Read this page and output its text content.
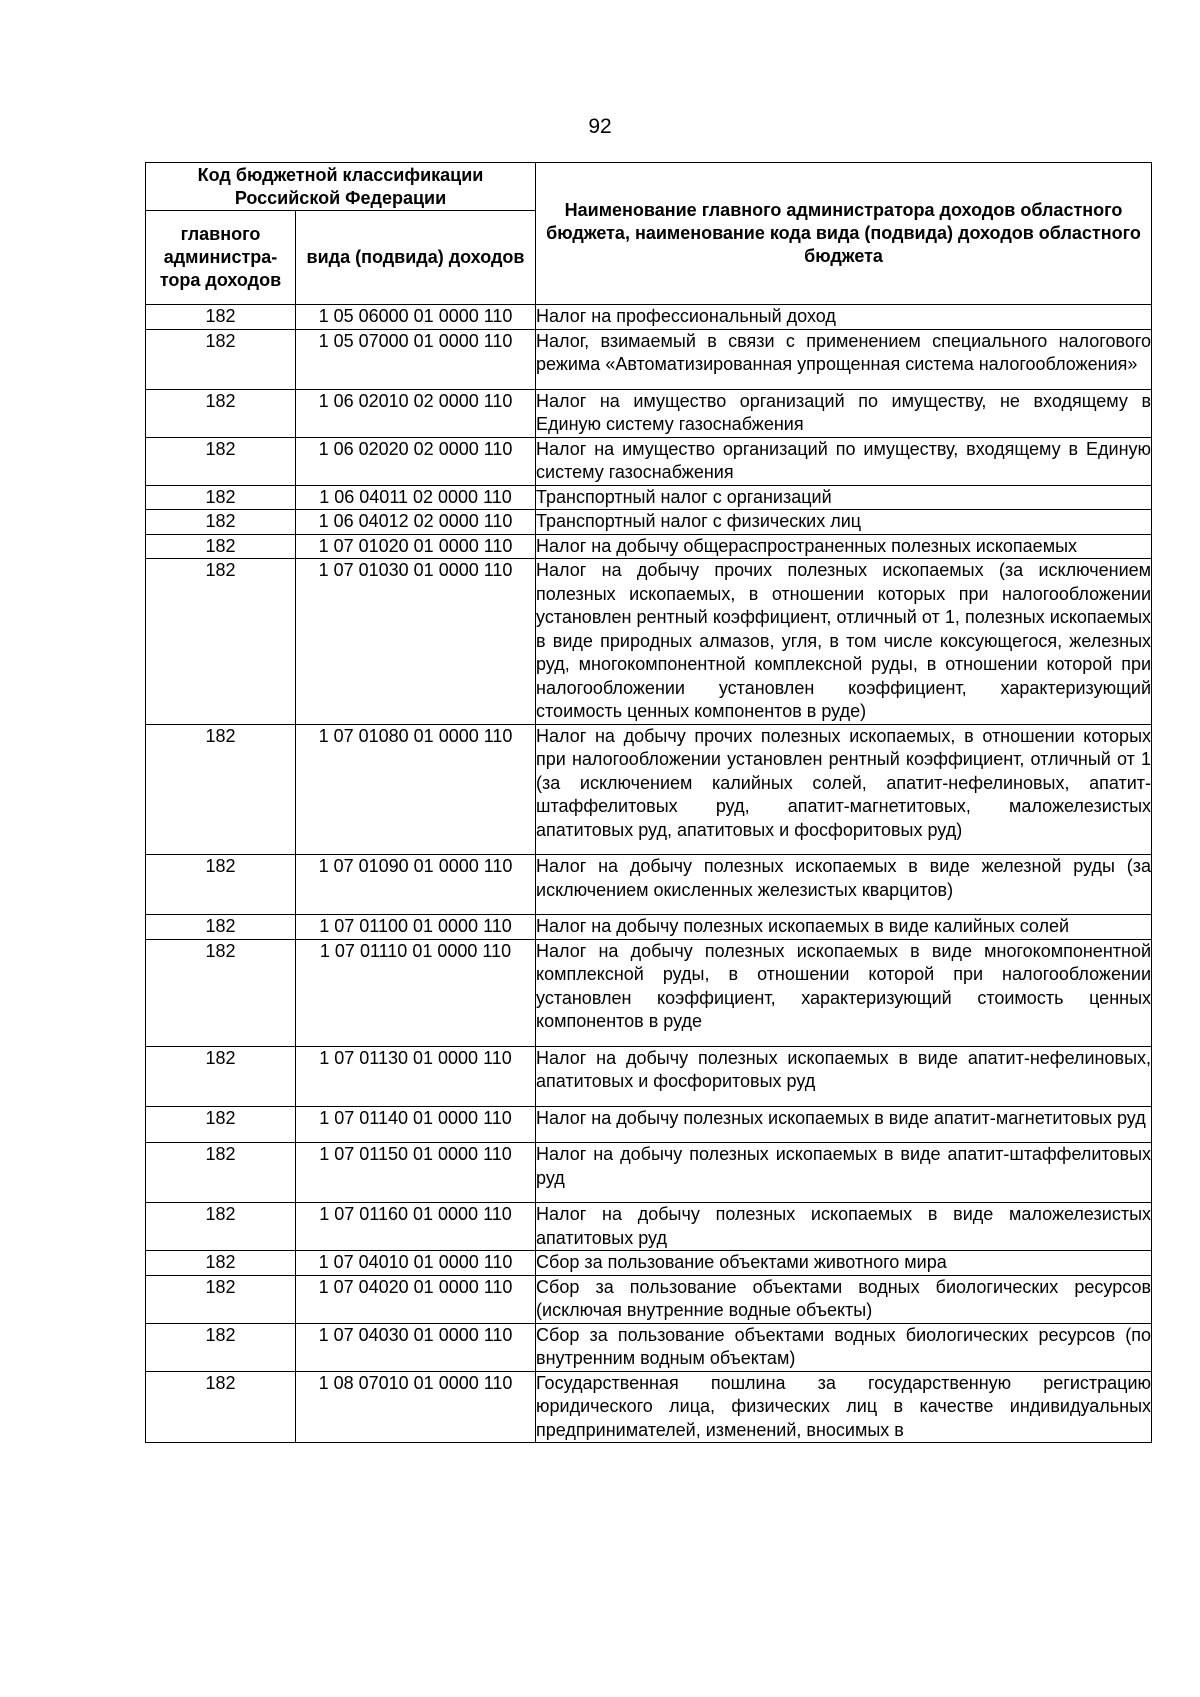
92
Код бюджетной классификации Российской Федерации		Наименование главного администратора доходов областного бюджета, наименование кода вида (подвида) доходов областного бюджета
главного администра-тора доходов	вида (подвида) доходов	
182	1 05 06000 01 0000 110	Налог на профессиональный доход
182	1 05 07000 01 0000 110	Налог, взимаемый в связи с применением специального налогового режима «Автоматизированная упрощенная система налогообложения»
182	1 06 02010 02 0000 110	Налог на имущество организаций по имуществу, не входящему в Единую систему газоснабжения
182	1 06 02020 02 0000 110	Налог на имущество организаций по имуществу, входящему в Единую систему газоснабжения
182	1 06 04011 02 0000 110	Транспортный налог с организаций
182	1 06 04012 02 0000 110	Транспортный налог с физических лиц
182	1 07 01020 01 0000 110	Налог на добычу общераспространенных полезных ископаемых
182	1 07 01030 01 0000 110	Налог на добычу прочих полезных ископаемых (за исключением полезных ископаемых, в отношении которых при налогообложении установлен рентный коэффициент, отличный от 1, полезных ископаемых в виде природных алмазов, угля, в том числе коксующегося, железных руд, многокомпонентной комплексной руды, в отношении которой при налогообложении установлен коэффициент, характеризующий стоимость ценных компонентов в руде)
182	1 07 01080 01 0000 110	Налог на добычу прочих полезных ископаемых, в отношении которых при налогообложении установлен рентный коэффициент, отличный от 1 (за исключением калийных солей, апатит-нефелиновых, апатит-штаффелитовых руд, апатит-магнетитовых, маложелезистых апатитовых руд, апатитовых и фосфоритовых руд)
182	1 07 01090 01 0000 110	Налог на добычу полезных ископаемых в виде железной руды (за исключением окисленных железистых кварцитов)
182	1 07 01100 01 0000 110	Налог на добычу полезных ископаемых в виде калийных солей
182	1 07 01110 01 0000 110	Налог на добычу полезных ископаемых в виде многокомпонентной комплексной руды, в отношении которой при налогообложении установлен коэффициент, характеризующий стоимость ценных компонентов в руде
182	1 07 01130 01 0000 110	Налог на добычу полезных ископаемых в виде апатит-нефелиновых, апатитовых и фосфоритовых руд
182	1 07 01140 01 0000 110	Налог на добычу полезных ископаемых в виде апатит-магнетитовых руд
182	1 07 01150 01 0000 110	Налог на добычу полезных ископаемых в виде апатит-штаффелитовых руд
182	1 07 01160 01 0000 110	Налог на добычу полезных ископаемых в виде маложелезистых апатитовых руд
182	1 07 04010 01 0000 110	Сбор за пользование объектами животного мира
182	1 07 04020 01 0000 110	Сбор за пользование объектами водных биологических ресурсов (исключая внутренние водные объекты)
182	1 07 04030 01 0000 110	Сбор за пользование объектами водных биологических ресурсов (по внутренним водным объектам)
182	1 08 07010 01 0000 110	Государственная пошлина за государственную регистрацию юридического лица, физических лиц в качестве индивидуальных предпринимателей, изменений, вносимых в
